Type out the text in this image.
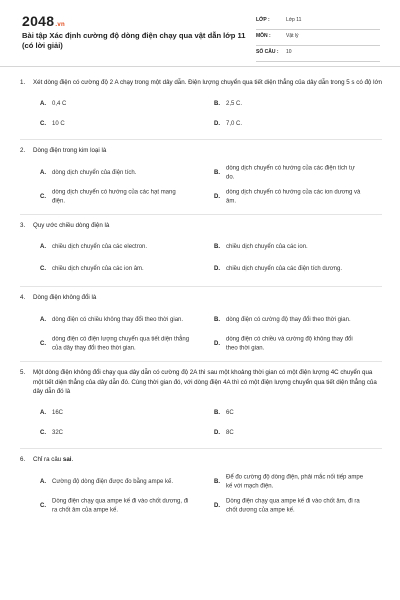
2048.vn
Bài tập Xác định cường độ dòng điện chạy qua vật dẫn lớp 11 (có lời giải)
LỚP :	Lớp 11
MÔN :	Vật lý
SỐ CÂU : 10
1. Xét dòng điện có cường độ 2 A chạy trong một dây dẫn. Điện lượng chuyển qua tiết diện thẳng của dây dẫn trong 5 s có độ lớn
A. 0,4 C	B. 2,5 C.
C. 10 C	D. 7,0 C.
2. Dòng điện trong kim loại là
A. dòng dịch chuyển của điện tích.	B.
dòng dịch chuyển có hướng của các điện tích tự do.
C.
dòng dịch chuyển có hướng của các hạt mang điện.
D.
dòng dịch chuyển có hướng của các ion dương và âm.
3. Quy ước chiều dòng điện là
A. chiều dịch chuyển của các electron.	B. chiều dịch chuyển của các ion.
C. chiều dịch chuyển của các ion âm.	D. chiều dịch chuyển của các điện tích dương.
4. Dòng điện không đổi là
A. dòng điện có chiều không thay đổi theo thời gian.	B. dòng điện có cường độ thay đổi theo thời gian.
C.
dòng điện có điện lượng chuyển qua tiết diện thẳng của dây thay đổi theo thời gian.
D.
dòng điện có chiều và cường độ không thay đổi theo thời gian.
5. Một dòng điện không đổi chạy qua dây dẫn có cường độ 2A thì sau một khoảng thời gian có một điện lượng 4C chuyển qua một tiết diện thẳng của dây dẫn đó. Cùng thời gian đó, với dòng điện 4A thì có một điện lượng chuyển qua tiết diện thẳng của dây dẫn đó là
A. 16C	B. 6C
C. 32C	D. 8C
6. Chỉ ra câu sai.
A. Cường độ dòng điện được đo bằng ampe kế.	B.
Để đo cường độ dòng điện, phải mắc nối tiếp ampe kế với mạch điện.
C.
Dòng điện chạy qua ampe kế đi vào chốt dương, đi ra chốt âm của ampe kế.
D.
Dòng điện chạy qua ampe kế đi vào chốt âm, đi ra chốt dương của ampe kế.
